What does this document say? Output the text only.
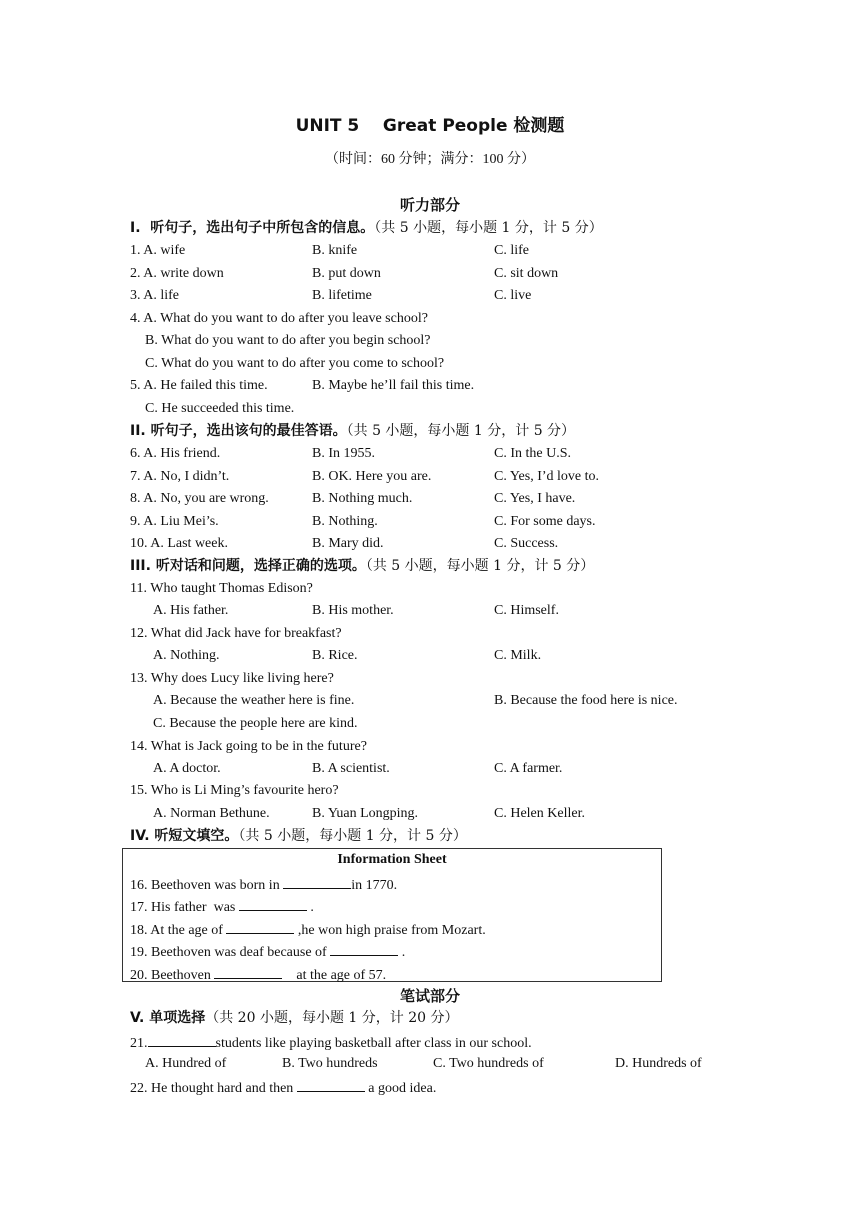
UNIT 5    Great People 检测题
（时间：60 分钟；满分：100 分）
听力部分
I.  听句子，选出句子中所包含的信息。（共 5 小题，每小题 1 分，计 5 分）
1. A. wife	B. knife	C. life
2. A. write down	B. put down	C. sit down
3. A. life	B. lifetime	C. live
4. A. What do you want to do after you leave school?
B. What do you want to do after you begin school?
C. What do you want to do after you come to school?
5. A. He failed this time.	B. Maybe he’ll fail this time.
C. He succeeded this time.
II. 听句子，选出该句的最佳答语。（共 5 小题，每小题 1 分，计 5 分）
6. A. His friend.	B. In 1955.	C. In the U.S.
7. A. No, I didn’t.	B. OK. Here you are.	C. Yes, I’d love to.
8. A. No, you are wrong.	B. Nothing much.	C. Yes, I have.
9. A. Liu Mei’s.	B. Nothing.	C. For some days.
10. A. Last week.	B. Mary did.	C. Success.
III. 听对话和问题，选择正确的选项。（共 5 小题，每小题 1 分，计 5 分）
11. Who taught Thomas Edison?
A. His father.	B. His mother.	C. Himself.
12. What did Jack have for breakfast?
A. Nothing.	B. Rice.	C. Milk.
13. Why does Lucy like living here?
A. Because the weather here is fine.	B. Because the food here is nice.
C. Because the people here are kind.
14. What is Jack going to be in the future?
A. A doctor.	B. A scientist.	C. A farmer.
15. Who is Li Ming’s favourite hero?
A. Norman Bethune.	B. Yuan Longping.	C. Helen Keller.
IV. 听短文填空。（共 5 小题，每小题 1 分，计 5 分）
Information Sheet
16. Beethoven was born in	in 1770.
17. His father  was	.
18. At the age of	,he won high praise from Mozart.
19. Beethoven was deaf because of	.
20. Beethoven	at the age of 57.
笔试部分
V. 单项选择（共 20 小题，每小题 1 分，计 20 分）
21.	students like playing basketball after class in our school.
A. Hundred of	B. Two hundreds	C. Two hundreds of	D. Hundreds of
22. He thought hard and then	a good idea.
